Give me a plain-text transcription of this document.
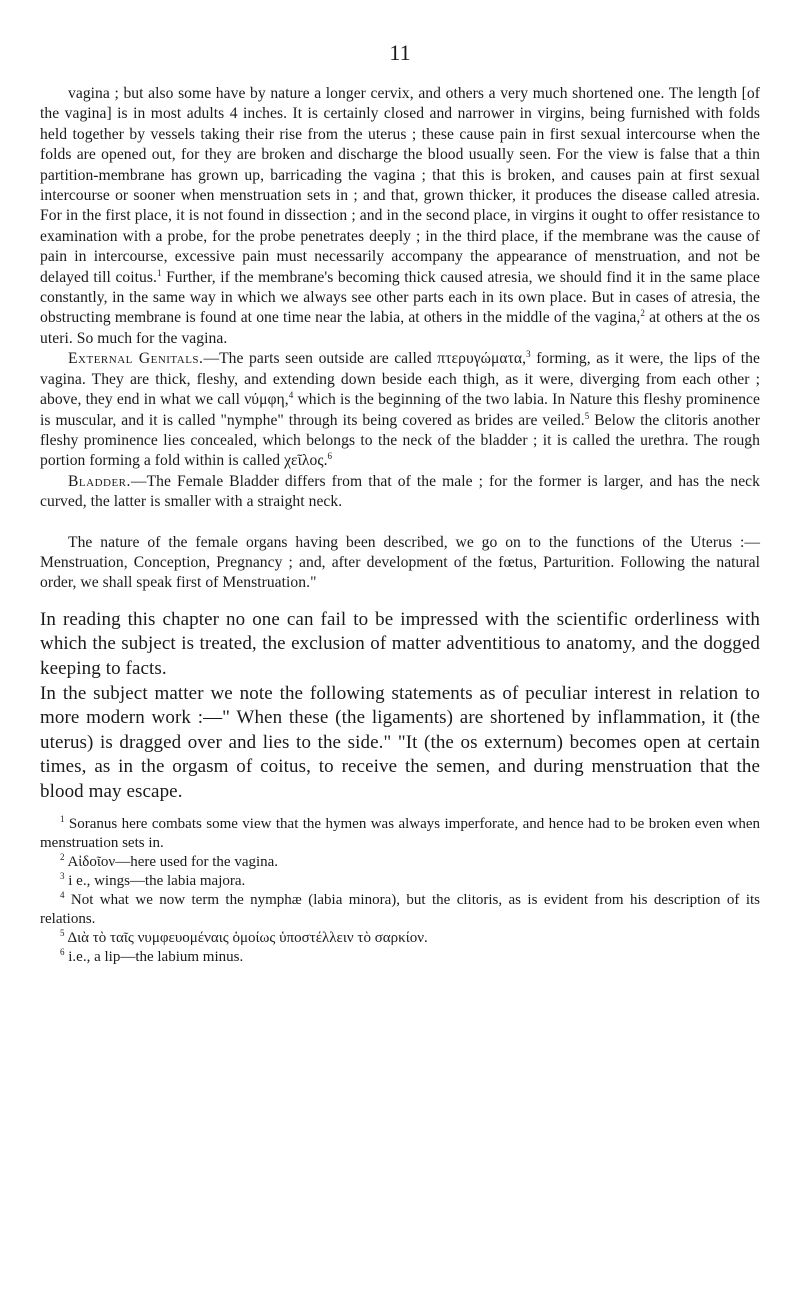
11

vagina ; but also some have by nature a longer cervix, and others a very much shortened one. The length [of the vagina] is in most adults 4 inches. It is certainly closed and narrower in virgins, being furnished with folds held together by vessels taking their rise from the uterus ; these cause pain in first sexual intercourse when the folds are opened out, for they are broken and discharge the blood usually seen. For the view is false that a thin partition-membrane has grown up, barricading the vagina ; that this is broken, and causes pain at first sexual intercourse or sooner when menstruation sets in ; and that, grown thicker, it produces the disease called atresia. For in the first place, it is not found in dissection ; and in the second place, in virgins it ought to offer resistance to examination with a probe, for the probe penetrates deeply ; in the third place, if the membrane was the cause of pain in intercourse, excessive pain must necessarily accompany the appearance of menstruation, and not be delayed till coitus.$^1$ Further, if the membrane's becoming thick caused atresia, we should find it in the same place constantly, in the same way in which we always see other parts each in its own place. But in cases of atresia, the obstructing membrane is found at one time near the labia, at others in the middle of the vagina,$^2$ at others at the os uteri. So much for the vagina.

External Genitals.—The parts seen outside are called πτερυγώματα,$^3$ forming, as it were, the lips of the vagina. They are thick, fleshy, and extending down beside each thigh, as it were, diverging from each other ; above, they end in what we call νύμφη,$^4$ which is the beginning of the two labia. In Nature this fleshy prominence is muscular, and it is called "nymphe" through its being covered as brides are veiled.$^5$ Below the clitoris another fleshy prominence lies concealed, which belongs to the neck of the bladder ; it is called the urethra. The rough portion forming a fold within is called χεῖλος.$^6$

Bladder.—The Female Bladder differs from that of the male ; for the former is larger, and has the neck curved, the latter is smaller with a straight neck.

The nature of the female organs having been described, we go on to the functions of the Uterus :—Menstruation, Conception, Pregnancy ; and, after development of the fœtus, Parturition. Following the natural order, we shall speak first of Menstruation."

In reading this chapter no one can fail to be impressed with the scientific orderliness with which the subject is treated, the exclusion of matter adventitious to anatomy, and the dogged keeping to facts.

In the subject matter we note the following statements as of peculiar interest in relation to more modern work :—" When these (the ligaments) are shortened by inflammation, it (the uterus) is dragged over and lies to the side." "It (the os externum) becomes open at certain times, as in the orgasm of coitus, to receive the semen, and during menstruation that the blood may escape.

$^1$ Soranus here combats some view that the hymen was always imperforate, and hence had to be broken even when menstruation sets in.

$^2$ Αἰδοῖον—here used for the vagina.

$^3$ i e., wings—the labia majora.

$^4$ Not what we now term the nymphæ (labia minora), but the clitoris, as is evident from his description of its relations.

$^5$ Διὰ τὸ ταῖς νυμφευομέναις ὁμοίως ὑποστέλλειν τὸ σαρκίον.

$^6$ i.e., a lip—the labium minus.
